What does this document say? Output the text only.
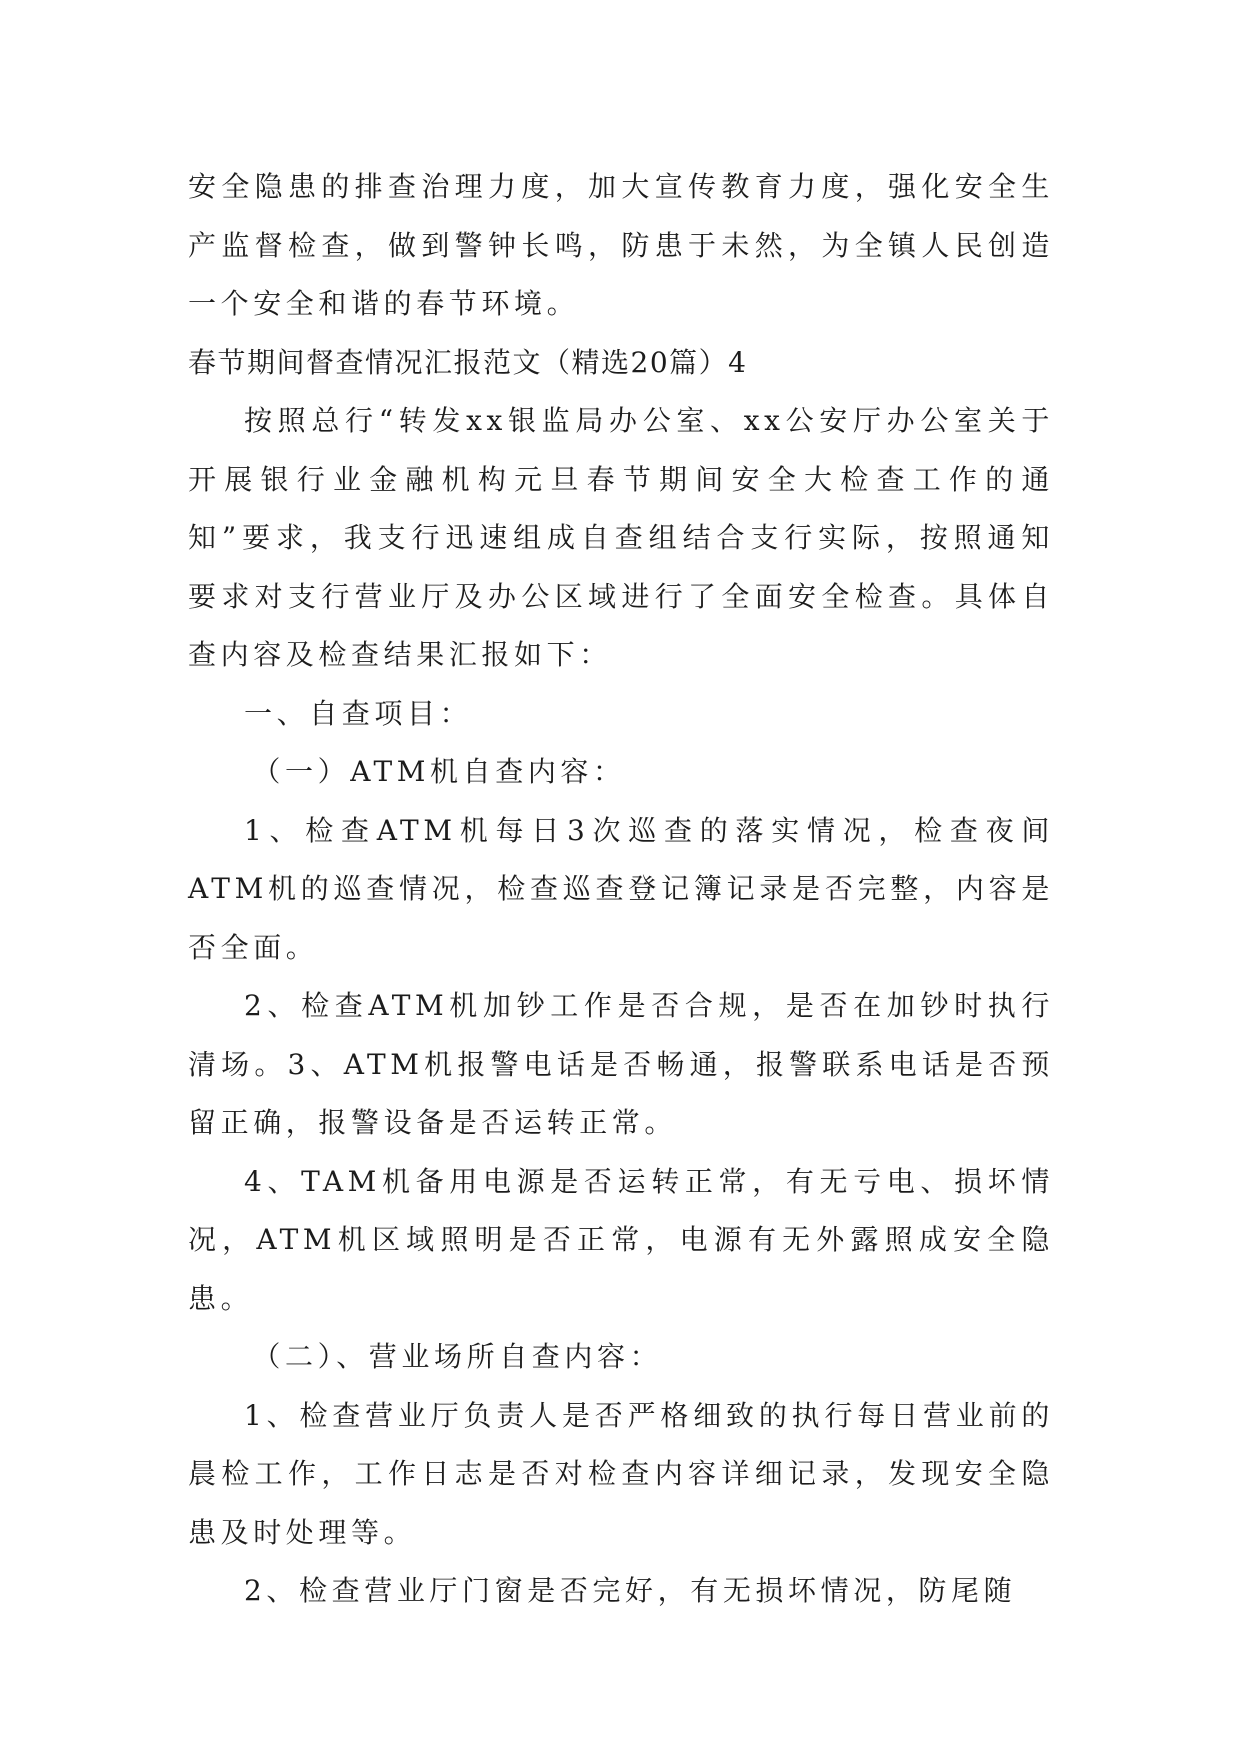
安全隐患的排查治理力度，加大宣传教育力度，强化安全生产监督检查，做到警钟长鸣，防患于未然，为全镇人民创造一个安全和谐的春节环境。

春节期间督查情况汇报范文（精选20篇）4

按照总行“转发xx银监局办公室、xx公安厅办公室关于开展银行业金融机构元旦春节期间安全大检查工作的通知”要求，我支行迅速组成自查组结合支行实际，按照通知要求对支行营业厅及办公区域进行了全面安全检查。具体自查内容及检查结果汇报如下：

一、自查项目：

（一）ATM机自查内容：

1、检查ATM机每日3次巡查的落实情况，检查夜间ATM机的巡查情况，检查巡查登记簿记录是否完整，内容是否全面。

2、检查ATM机加钞工作是否合规，是否在加钞时执行清场。3、ATM机报警电话是否畅通，报警联系电话是否预留正确，报警设备是否运转正常。

4、TAM机备用电源是否运转正常，有无亏电、损坏情况，ATM机区域照明是否正常，电源有无外露照成安全隐患。

（二）、营业场所自查内容：

1、检查营业厅负责人是否严格细致的执行每日营业前的晨检工作，工作日志是否对检查内容详细记录，发现安全隐患及时处理等。

2、检查营业厅门窗是否完好，有无损坏情况，防尾随
